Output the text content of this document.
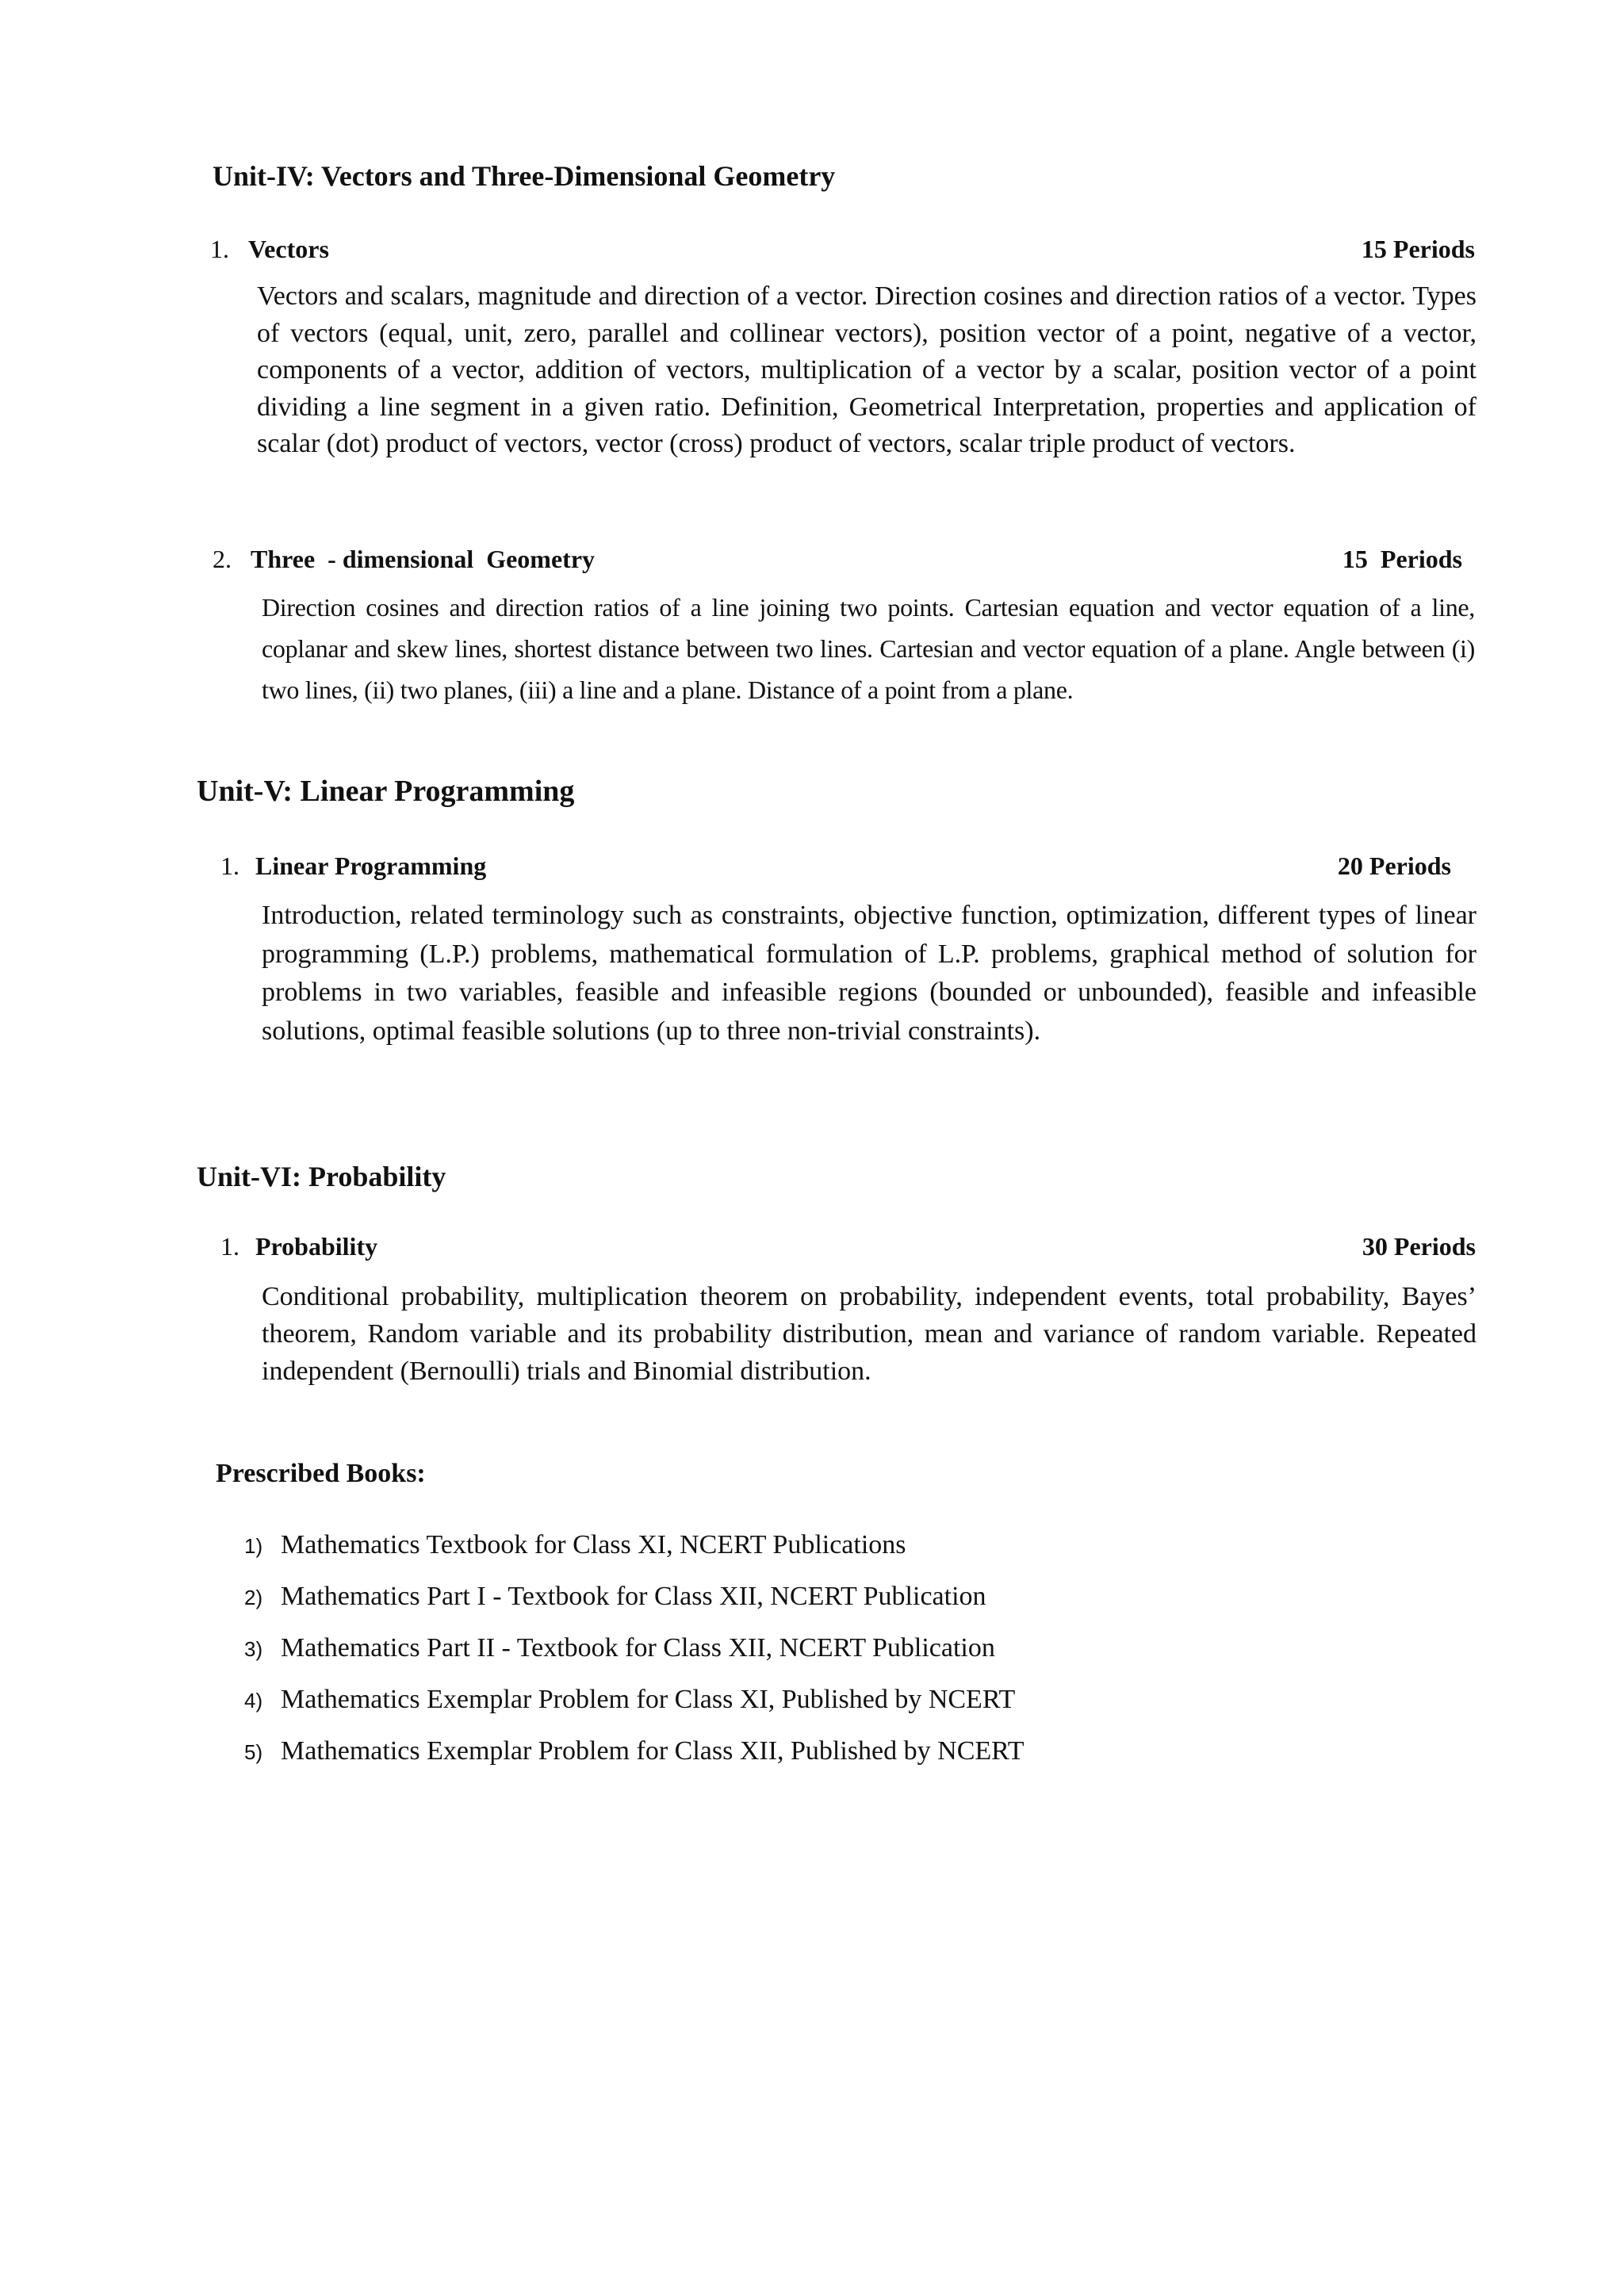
Unit-IV: Vectors and Three-Dimensional Geometry
1. Vectors	15 Periods
Vectors and scalars, magnitude and direction of a vector. Direction cosines and direction ratios of a vector. Types of vectors (equal, unit, zero, parallel and collinear vectors), position vector of a point, negative of a vector, components of a vector, addition of vectors, multiplication of a vector by a scalar, position vector of a point dividing a line segment in a given ratio. Definition, Geometrical Interpretation, properties and application of scalar (dot) product of vectors, vector (cross) product of vectors, scalar triple product of vectors.
2. Three  - dimensional  Geometry	15  Periods
Direction cosines and direction ratios of a line joining two points. Cartesian equation and vector equation of a line, coplanar and skew lines, shortest distance between two lines. Cartesian and vector equation of a plane. Angle between (i) two lines, (ii) two planes, (iii) a line and a plane. Distance of a point from a plane.
Unit-V: Linear Programming
1. Linear Programming	20 Periods
Introduction, related terminology such as constraints, objective function, optimization, different types of linear programming (L.P.) problems, mathematical formulation of L.P. problems, graphical method of solution for problems in two variables, feasible and infeasible regions (bounded or unbounded), feasible and infeasible solutions, optimal feasible solutions (up to three non-trivial constraints).
Unit-VI: Probability
1. Probability	30 Periods
Conditional probability, multiplication theorem on probability, independent events, total probability, Bayes’ theorem, Random variable and its probability distribution, mean and variance of random variable. Repeated independent (Bernoulli) trials and Binomial distribution.
Prescribed Books:
1) Mathematics Textbook for Class XI, NCERT Publications
2) Mathematics Part I - Textbook for Class XII, NCERT Publication
3) Mathematics Part II - Textbook for Class XII, NCERT Publication
4) Mathematics Exemplar Problem for Class XI, Published by NCERT
5) Mathematics Exemplar Problem for Class XII, Published by NCERT
